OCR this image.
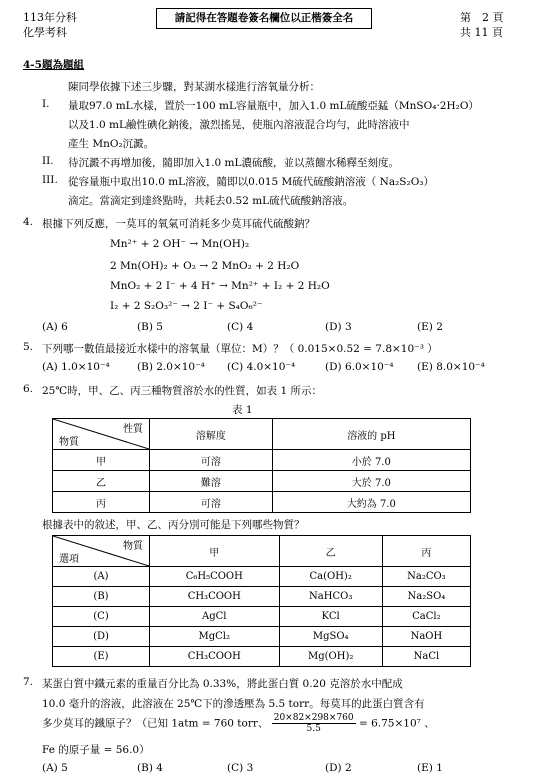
113年分科
化學考科
請記得在答題卷簽名欄位以正楷簽全名	第　2 頁
共 11 頁
4-5題為題組
陳同學依據下述三步驟，對某湖水樣進行溶氧量分析：
I. 量取97.0 mL水樣，置於一100 mL容量瓶中，加入1.0 mL硫酸亞錳（MnSO₄‧2H₂O）
以及1.0 mL鹼性碘化鈉後，激烈搖晃，使瓶內溶液混合均勻，此時溶液中
產生 MnO₂沉澱。
II. 待沉澱不再增加後，隨即加入1.0 mL濃硫酸，並以蒸餾水稀釋至刻度。
III. 從容量瓶中取出10.0 mL溶液，隨即以0.015 M硫代硫酸鈉溶液（ Na₂S₂O₃）
滴定。當滴定到達終點時，共耗去0.52 mL硫代硫酸鈉溶液。
4. 根據下列反應，一莫耳的氧氣可消耗多少莫耳硫代硫酸鈉？
Mn²⁺ + 2 OH⁻ → Mn(OH)₂
2 Mn(OH)₂ + O₂ → 2 MnO₂ + 2 H₂O
MnO₂ + 2 I⁻ + 4 H⁺ → Mn²⁺ + I₂ + 2 H₂O
I₂ + 2 S₂O₃²⁻ → 2 I⁻ + S₄O₆²⁻
(A) 6	(B) 5	(C) 4	(D) 3	(E) 2
5. 下列哪一數值最接近水樣中的溶氧量（單位：M）？（ 0.015×0.52 = 7.8×10⁻³ ）
(A) 1.0×10⁻⁴	(B) 2.0×10⁻⁴ (C) 4.0×10⁻⁴	(D) 6.0×10⁻⁴ (E) 8.0×10⁻⁴
6. 25℃時，甲、乙、丙三種物質溶於水的性質，如表 1 所示：
表 1
性質
物質	溶解度	溶液的 pH
甲	可溶	小於 7.0
乙	難溶	大於 7.0
丙	可溶	大約為 7.0
根據表中的敘述，甲、乙、丙分別可能是下列哪些物質？
物質
選項	甲	乙	丙
(A)	C₆H₅COOH	Ca(OH)₂	Na₂CO₃
(B)	CH₃COOH	NaHCO₃	Na₂SO₄
(C)	AgCl	KCl	CaCl₂
(D)	MgCl₂	MgSO₄	NaOH
(E)	CH₃COOH	Mg(OH)₂	NaCl
7. 某蛋白質中鐵元素的重量百分比為 0.33%，將此蛋白質 0.20 克溶於水中配成
10.0 毫升的溶液，此溶液在 25℃下的滲透壓為 5.5 torr。每莫耳的此蛋白質含有
多少莫耳的鐵原子？（已知 1atm = 760 torr、 $\frac{20\times 82\times 298\times 760}{5.5} = 6.75\times 10^7$ 、
Fe 的原子量 = 56.0）
(A) 5	(B) 4	(C) 3	(D) 2	(E) 1
